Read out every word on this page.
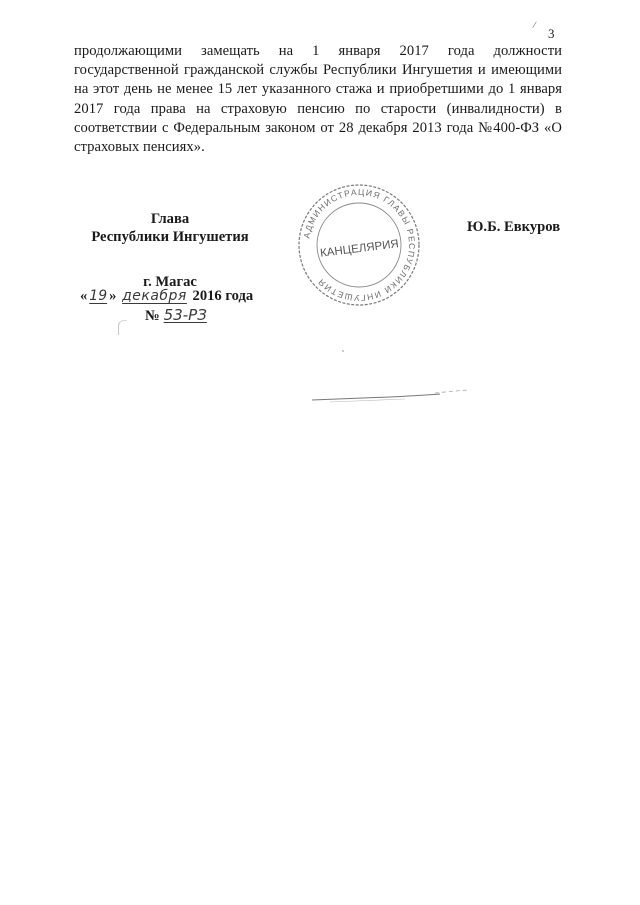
/
3
продолжающими замещать на 1 января 2017 года должности государственной гражданской службы Республики Ингушетия и имеющими на этот день не менее 15 лет указанного стажа и приобретшими до 1 января 2017 года права на страховую пенсию по старости (инвалидности) в соответствии с Федеральным законом от 28 декабря 2013 года №400-ФЗ «О страховых пенсиях».
Глава
Республики Ингушетия	АДМИНИСТРАЦИЯ ГЛАВЫ РЕСПУБЛИКИ ИНГУШЕТИЯ
КАНЦЕЛЯРИЯ
Ю.Б. Евкуров
г. Магас
« 19 » декабря 2016 года
№ 53-РЗ
